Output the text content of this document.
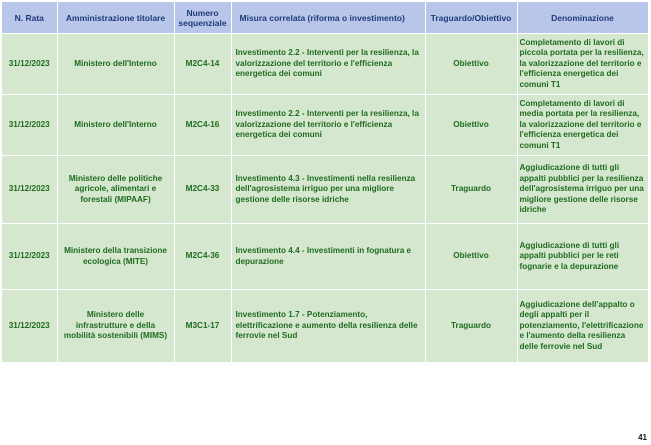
N. Rata	Amministrazione titolare	Numero sequenziale	Misura correlata (riforma o investimento)	Traguardo/Obiettivo	Denominazione
31/12/2023	Ministero dell'Interno	M2C4-14	Investimento 2.2 - Interventi per la resilienza, la valorizzazione del territorio e l'efficienza energetica dei comuni	Obiettivo	Completamento di lavori di piccola portata per la resilienza, la valorizzazione del territorio e l'efficienza energetica dei comuni T1
31/12/2023	Ministero dell'Interno	M2C4-16	Investimento 2.2 - Interventi per la resilienza, la valorizzazione del territorio e l'efficienza energetica dei comuni	Obiettivo	Completamento di lavori di media portata per la resilienza, la valorizzazione del territorio e l'efficienza energetica dei comuni T1
31/12/2023	Ministero delle politiche agricole, alimentari e forestali (MIPAAF)	M2C4-33	Investimento 4.3 - Investimenti nella resilienza dell'agrosistema irriguo per una migliore gestione delle risorse idriche	Traguardo	Aggiudicazione di tutti gli appalti pubblici per la resilienza dell'agrosistema irriguo per una migliore gestione delle risorse idriche
31/12/2023	Ministero della transizione ecologica (MITE)	M2C4-36	Investimento 4.4 - Investimenti in fognatura e depurazione	Obiettivo	Aggiudicazione di tutti gli appalti pubblici per le reti fognarie e la depurazione
31/12/2023	Ministero delle infrastrutture e della mobilità sostenibili (MIMS)	M3C1-17	Investimento 1.7 - Potenziamento, elettrificazione e aumento della resilienza delle ferrovie nel Sud	Traguardo	Aggiudicazione dell'appalto o degli appalti per il potenziamento, l'elettrificazione e l'aumento della resilienza delle ferrovie nel Sud
41
